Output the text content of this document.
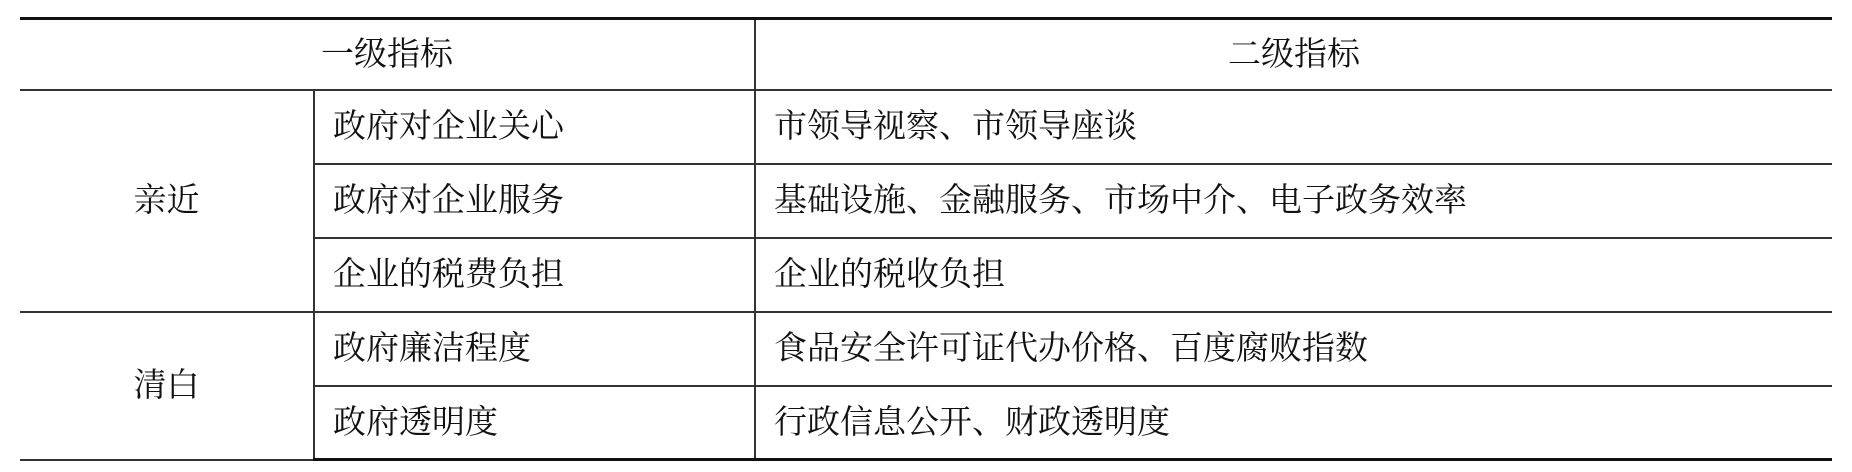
一级指标		二级指标
亲近	政府对企业关心	市领导视察、市领导座谈
	政府对企业服务	基础设施、金融服务、市场中介、电子政务效率
	企业的税费负担	企业的税收负担
清白	政府廉洁程度	食品安全许可证代办价格、百度腐败指数
	政府透明度	行政信息公开、财政透明度
